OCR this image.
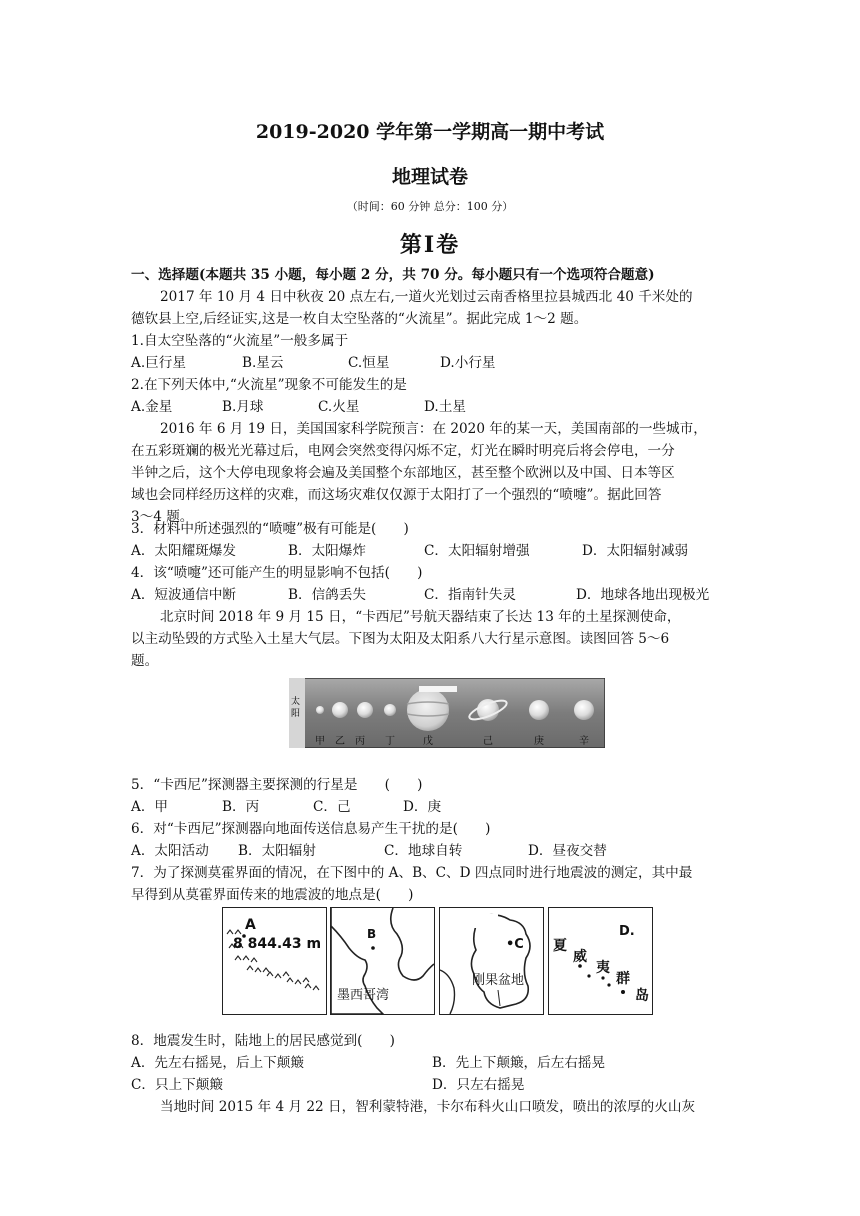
2019-2020 学年第一学期高一期中考试
地理试卷
（时间：60 分钟 总分：100 分）
第Ⅰ卷
一、选择题(本题共 35 小题，每小题 2 分，共 70 分。每小题只有一个选项符合题意)
2017 年 10 月 4 日中秋夜 20 点左右,一道火光划过云南香格里拉县城西北 40 千米处的
德钦县上空,后经证实,这是一枚自太空坠落的“火流星”。据此完成 1～2 题。
1.自太空坠落的“火流星”一般多属于
A.巨行星	B.星云	C.恒星	D.小行星
2.在下列天体中,“火流星”现象不可能发生的是
A.金星	B.月球	C.火星	D.土星
2016 年 6 月 19 日，美国国家科学院预言：在 2020 年的某一天，美国南部的一些城市，
在五彩斑斓的极光光幕过后，电网会突然变得闪烁不定，灯光在瞬时明亮后将会停电，一分
半钟之后，这个大停电现象将会遍及美国整个东部地区，甚至整个欧洲以及中国、日本等区
域也会同样经历这样的灾难，而这场灾难仅仅源于太阳打了一个强烈的“喷嚏”。据此回答
3～4 题。
3．材料中所述强烈的“喷嚏”极有可能是(　　)
A．太阳耀斑爆发	B．太阳爆炸	C．太阳辐射增强	D．太阳辐射减弱
4．该“喷嚏”还可能产生的明显影响不包括(　　)
A．短波通信中断	B．信鸽丢失	C．指南针失灵	D．地球各地出现极光
北京时间 2018 年 9 月 15 日，“卡西尼”号航天器结束了长达 13 年的土星探测使命，
以主动坠毁的方式坠入土星大气层。下图为太阳及太阳系八大行星示意图。读图回答 5～6
题。
太
阳
甲 乙 丙 丁	戊	己	庚	辛
5．“卡西尼”探测器主要探测的行星是　　(　　)
A．甲	B．丙	C．己	D．庚
6．对“卡西尼”探测器向地面传送信息易产生干扰的是(　　)
A．太阳活动 B．太阳辐射	C．地球自转	D．昼夜交替
7．为了探测莫霍界面的情况，在下图中的 A、B、C、D 四点同时进行地震波的测定，其中最
早得到从莫霍界面传来的地震波的地点是(　　)
A
8 844.43 m
B
墨西哥湾
•C
刚果盆地
D.
夏
威
夷
群
岛
8．地震发生时，陆地上的居民感觉到(　　)
A．先左右摇晃，后上下颠簸	B．先上下颠簸，后左右摇晃
C．只上下颠簸	D．只左右摇晃
当地时间 2015 年 4 月 22 日，智利蒙特港，卡尔布科火山口喷发，喷出的浓厚的火山灰
